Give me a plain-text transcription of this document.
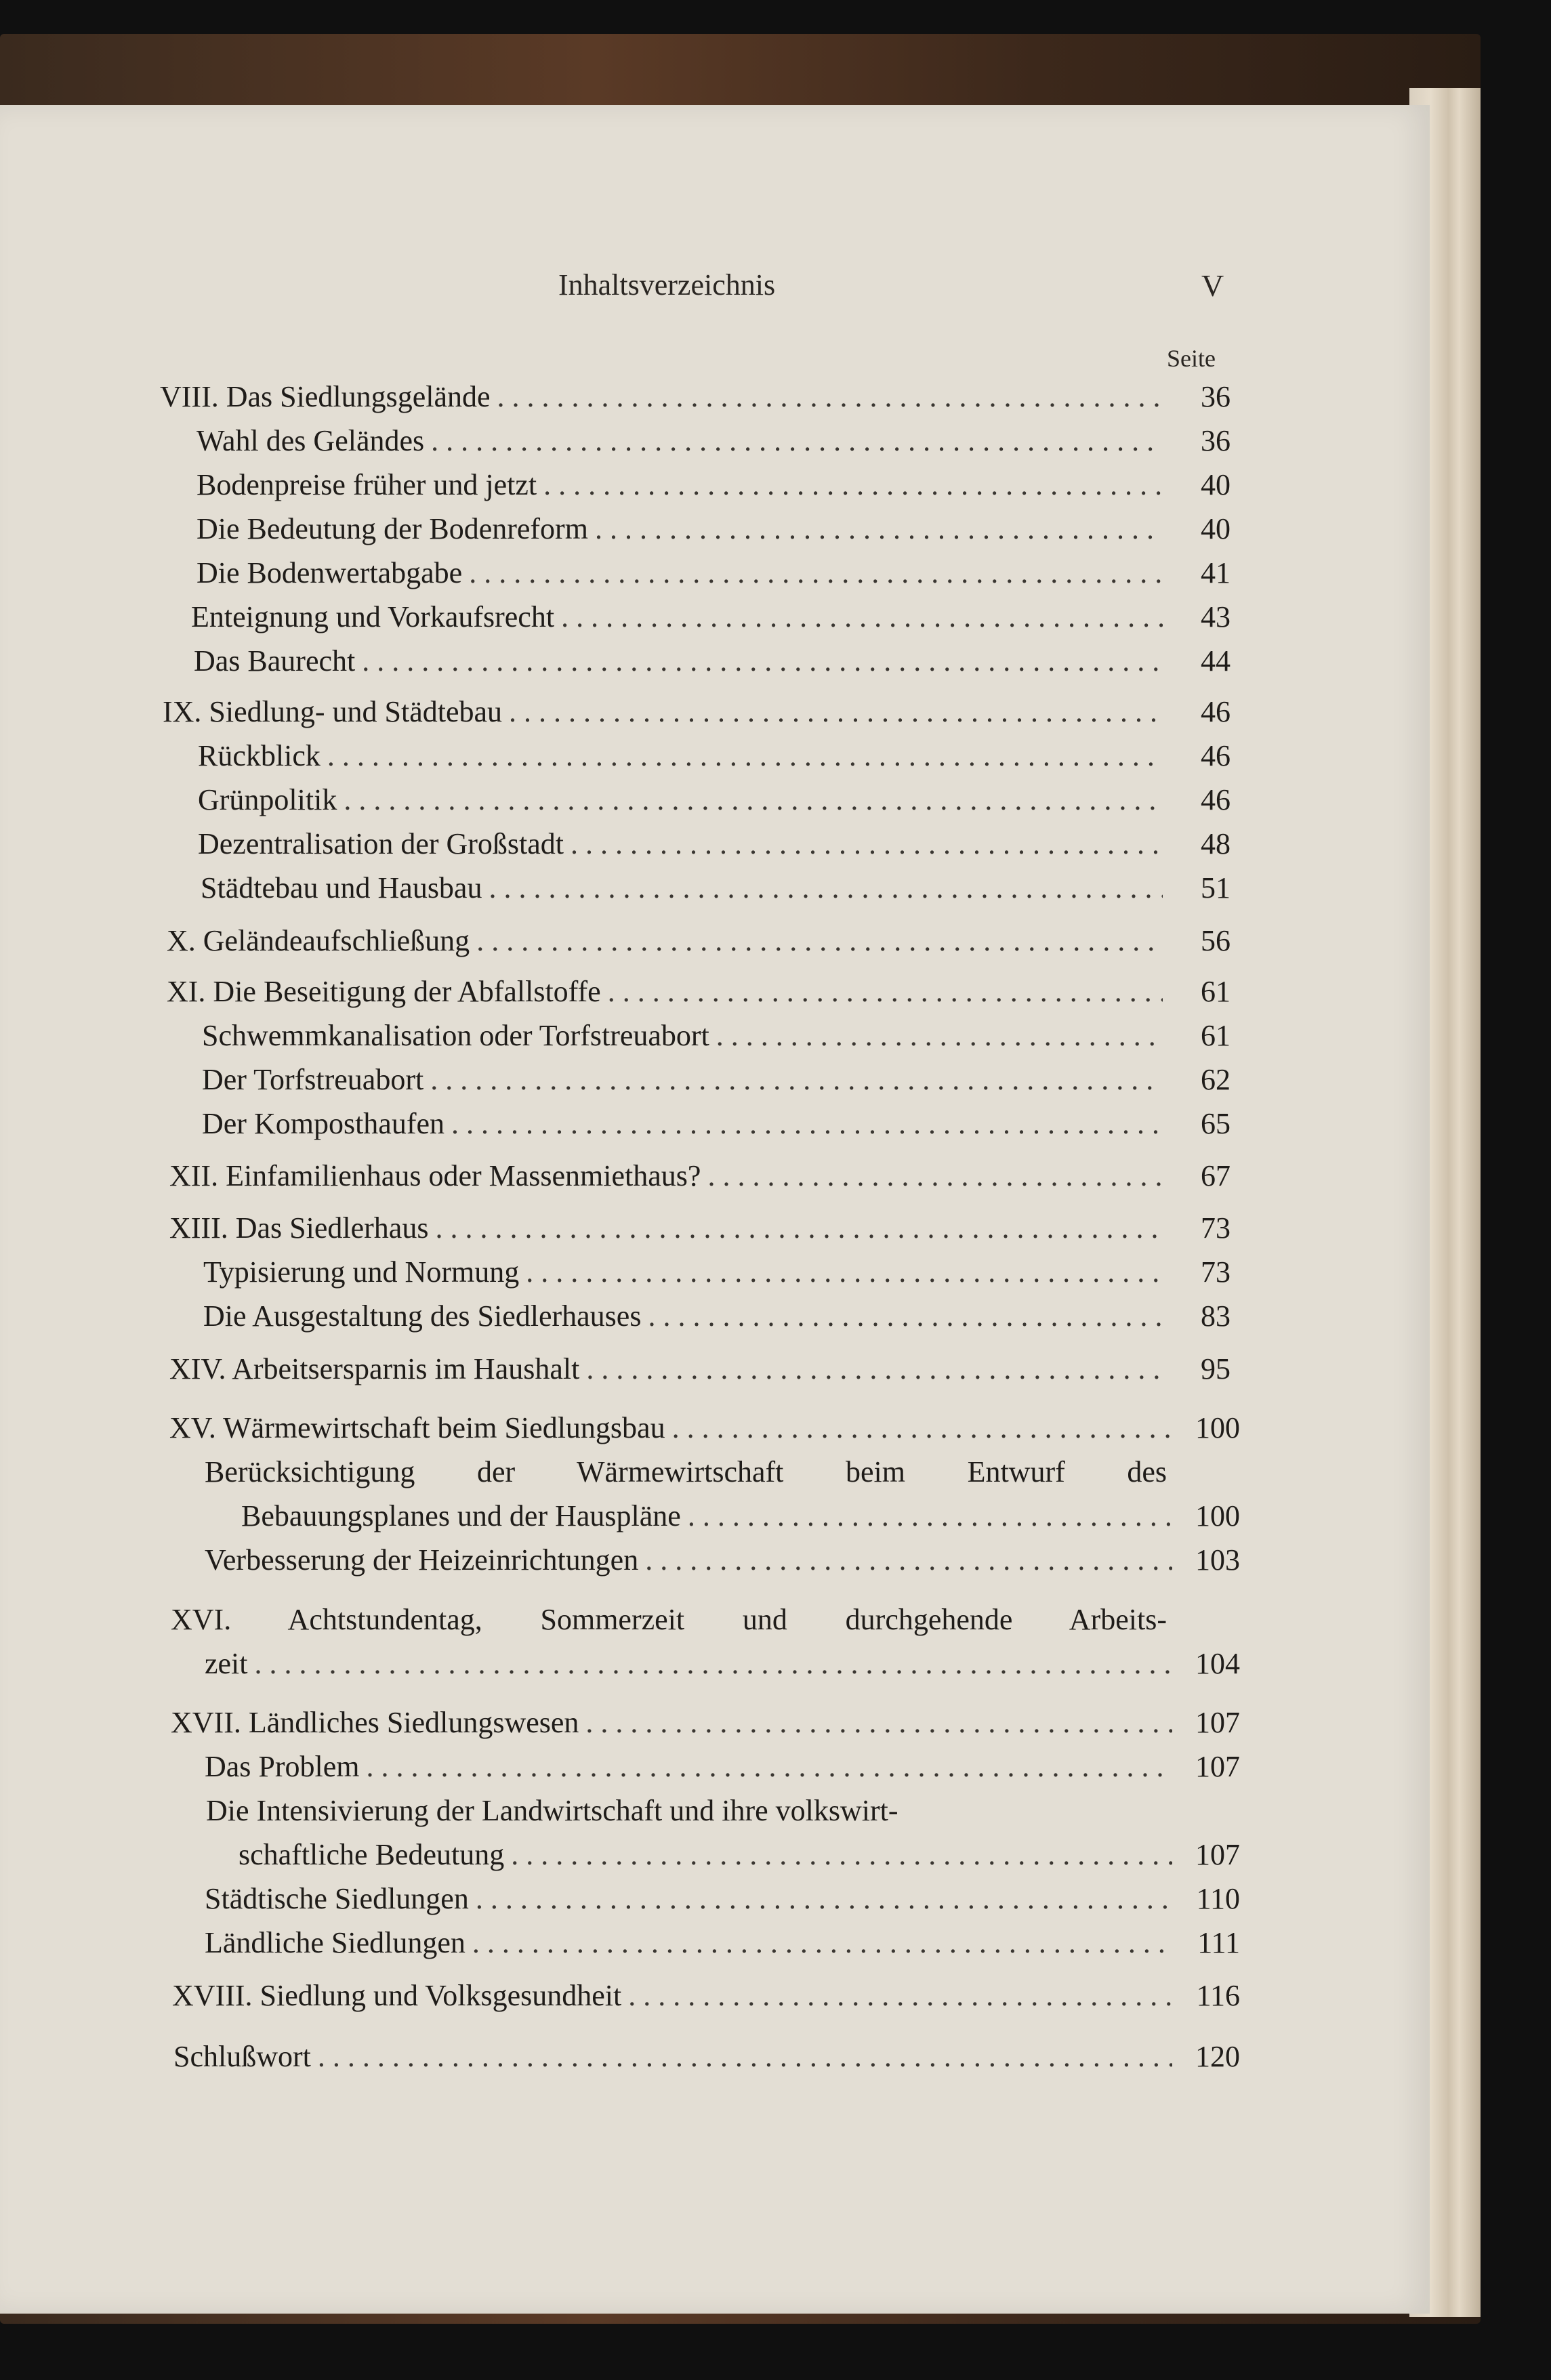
Inhaltsverzeichnis	V
Seite
VIII. Das Siedlungsgelände . . .	36
Wahl des Geländes . . .	36
Bodenpreise früher und jetzt . . .	40
Die Bedeutung der Bodenreform . . .	40
Die Bodenwertabgabe . . .	41
Enteignung und Vorkaufsrecht . . .	43
Das Baurecht . . .	44
IX. Siedlung- und Städtebau . . .	46
Rückblick . . .	46
Grünpolitik . . .	46
Dezentralisation der Großstadt . . .	48
Städtebau und Hausbau . . .	51
X. Geländeaufschließung . . .	56
XI. Die Beseitigung der Abfallstoffe . . .	61
Schwemmkanalisation oder Torfstreuabort . . .	61
Der Torfstreuabort . . .	62
Der Komposthaufen . . .	65
XII. Einfamilienhaus oder Massenmiethaus? . . .	67
XIII. Das Siedlerhaus . . .	73
Typisierung und Normung . . .	73
Die Ausgestaltung des Siedlerhauses . . .	83
XIV. Arbeitsersparnis im Haushalt . . .	95
XV. Wärmewirtschaft beim Siedlungsbau . . .	100
Berücksichtigung der Wärmewirtschaft beim Entwurf des
Bebauungsplanes und der Hauspläne . . .	100
Verbesserung der Heizeinrichtungen . . .	103
XVI. Achtstundentag, Sommerzeit und durchgehende Arbeits-
zeit . . .	104
XVII. Ländliches Siedlungswesen . . .	107
Das Problem . . .	107
Die Intensivierung der Landwirtschaft und ihre volkswirt-
schaftliche Bedeutung . . .	107
Städtische Siedlungen . . .	110
Ländliche Siedlungen . . .	111
XVIII. Siedlung und Volksgesundheit . . .	116
Schlußwort . . .	120
